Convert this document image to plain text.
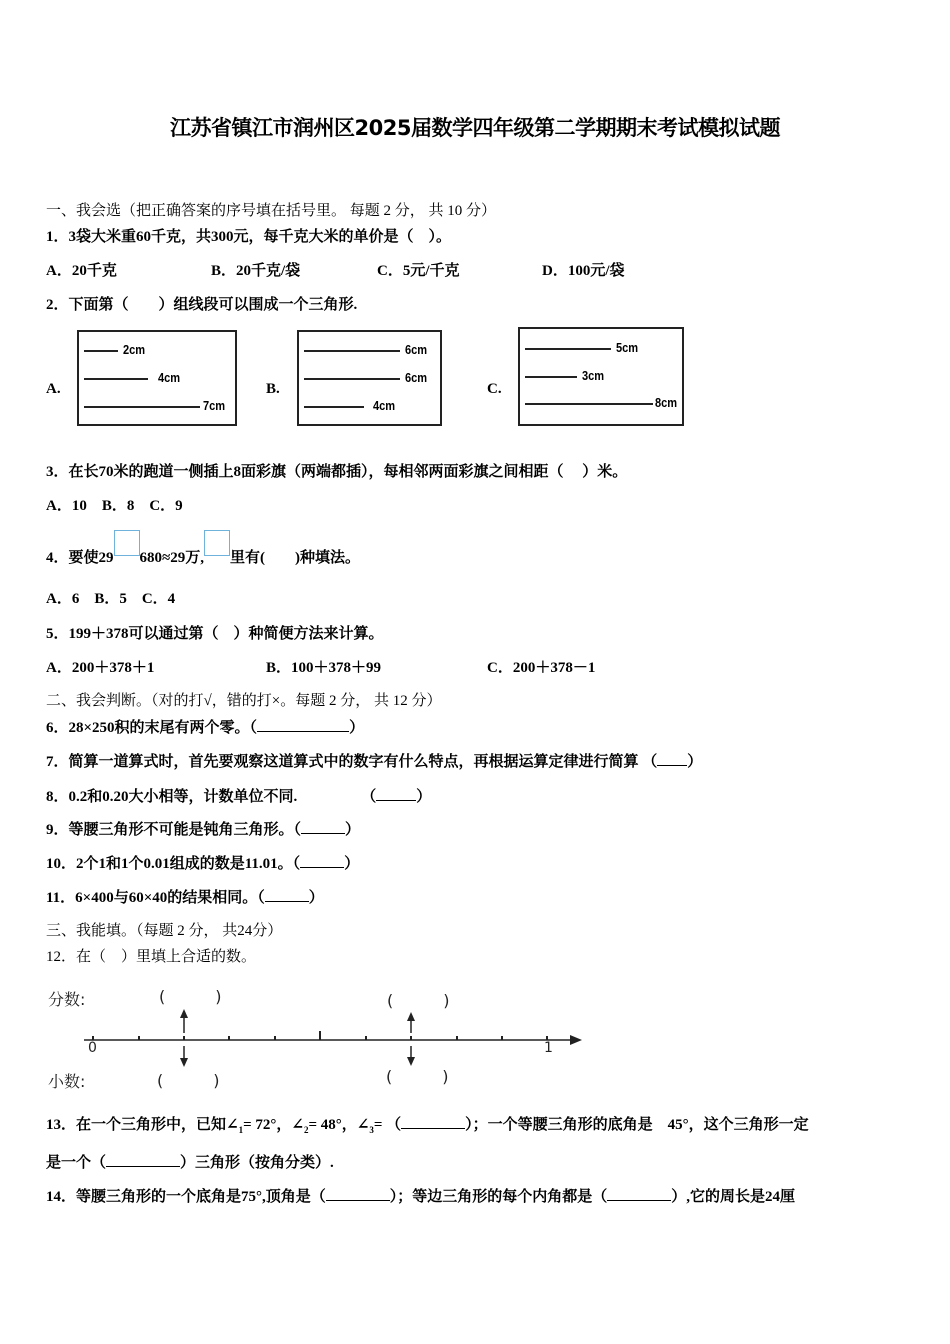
江苏省镇江市润州区2025届数学四年级第二学期期末考试模拟试题
一、我会选（把正确答案的序号填在括号里。 每题 2 分， 共 10 分）
1．3袋大米重60千克，共300元，每千克大米的单价是（　）。
A．20千克	B．20千克/袋	C．5元/千克	D．100元/袋
2．下面第（　　）组线段可以围成一个三角形.
A.
2cm
4cm
7cm
B.
6cm
6cm
4cm
C.
5cm
3cm
8cm
3．在长70米的跑道一侧插上8面彩旗（两端都插），每相邻两面彩旗之间相距（　 ）米。
A．10　B．8　C．9
4．要使29 680≈29万, 里有(　　)种填法。
A．6　B．5　C．4
5．199＋378可以通过第（　）种简便方法来计算。
A．200＋378＋1	B．100＋378＋99	C．200＋378－1
二、我会判断。（对的打√，错的打×。每题 2 分， 共 12 分）
6．28×250积的末尾有两个零。（	）
7．简算一道算式时，首先要观察这道算式中的数字有什么特点，再根据运算定律进行简算 （ ）
8．0.2和0.20大小相等，计数单位不同.	（	）
9．等腰三角形不可能是钝角三角形。（	）
10．2个1和1个0.01组成的数是11.01。（	）
11．6×400与60×40的结果相同。（	）
三、我能填。（每题 2 分， 共24分）
12．在（　）里填上合适的数。
分数:
小数:
(　　)	(　　)
(　　)	(　　)
0	1
13．在一个三角形中，已知$\angle_1= 72^\circ$，$\angle_2= 48^\circ$，$\angle_3=$ （	）；一个等腰三角形的底角是　45°，这个三角形一定
是一个（	）三角形（按角分类）.
14．等腰三角形的一个底角是75°,顶角是（	）；等边三角形的每个内角都是（	）,它的周长是24厘
